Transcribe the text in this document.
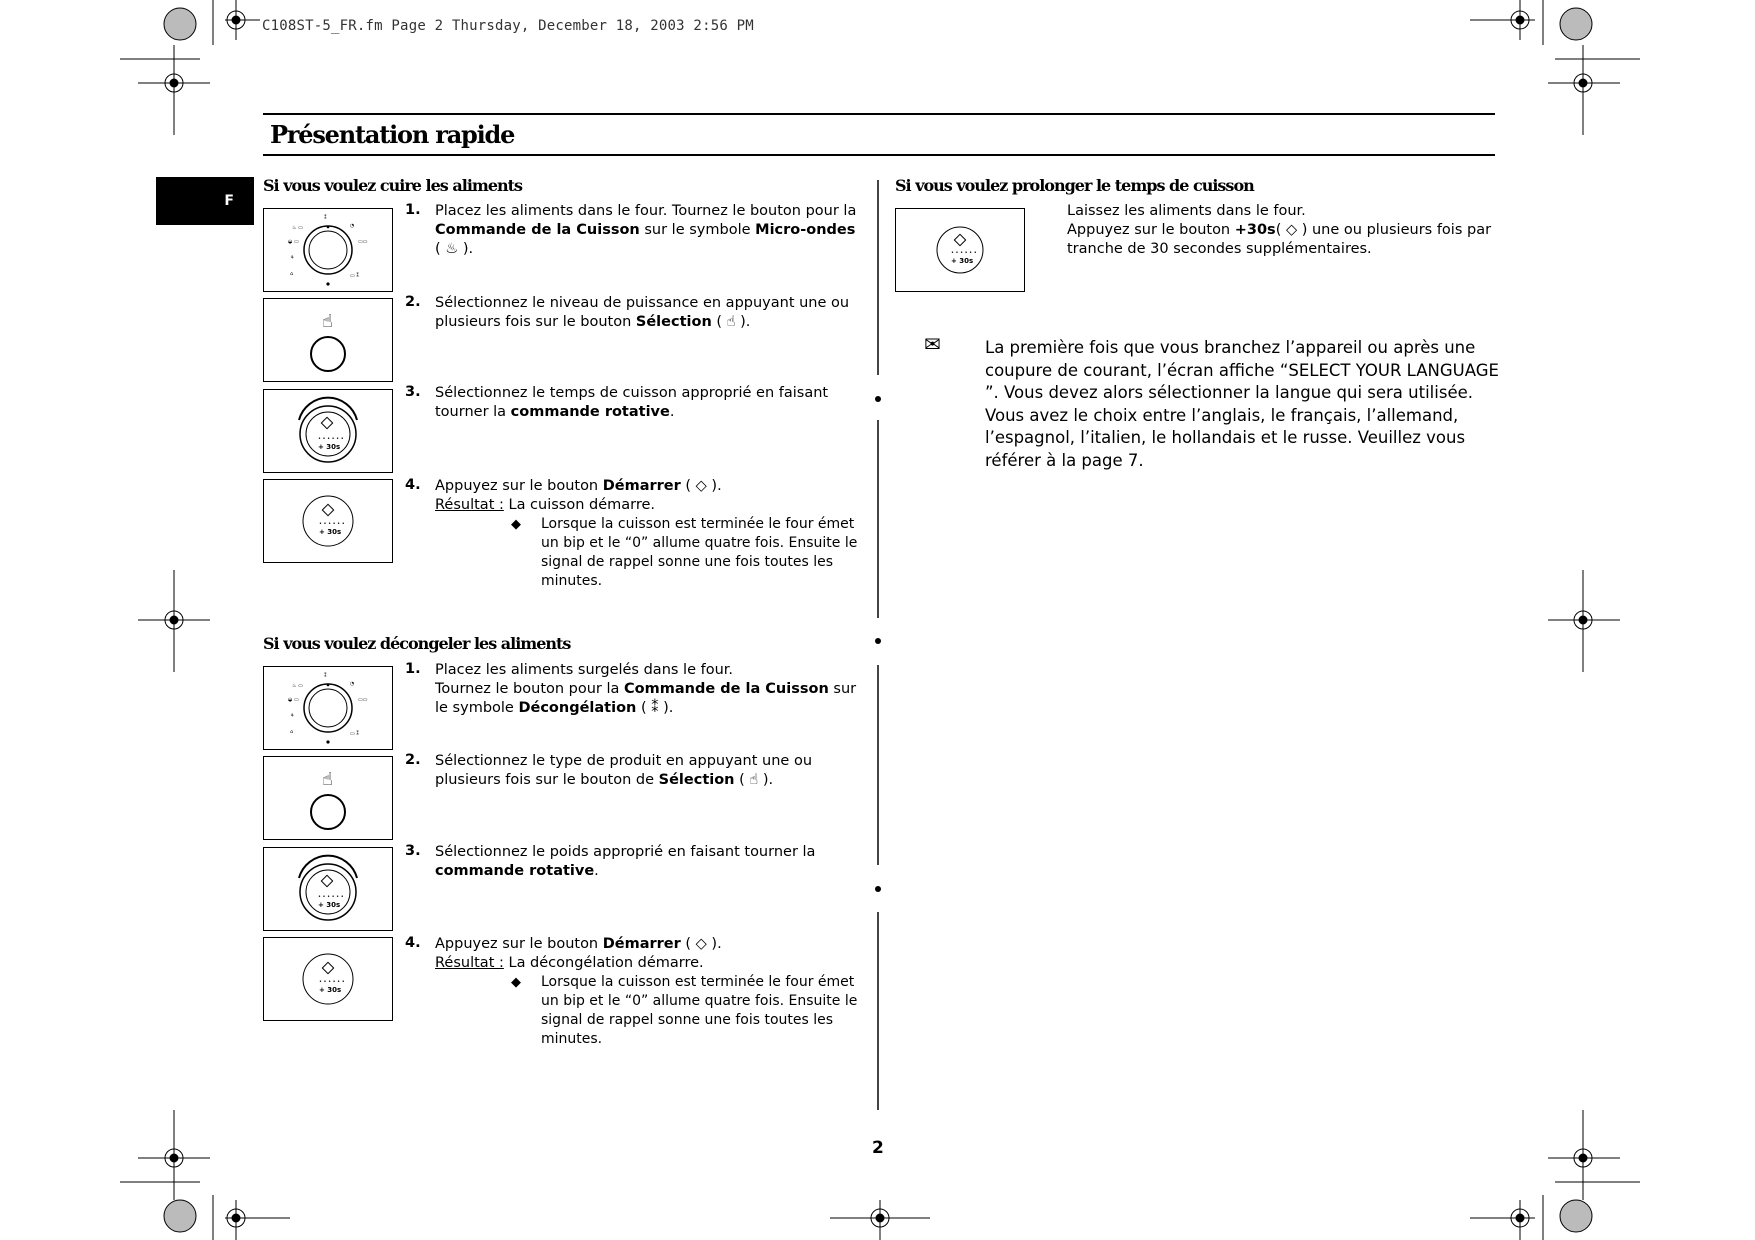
C108ST-5_FR.fm Page 2 Thursday, December 18, 2003 2:56 PM
Présentation rapide
F
Si vous voulez cuire les aliments
⁑
♨ ▭	◔
◒ ▭	▭▭
⚘
⌂	▭ ⁑
1. Placez les aliments dans le four. Tournez le bouton pour la Commande de la Cuisson sur le symbole Micro-ondes ( ♨ ).
☝
2. Sélectionnez le niveau de puissance en appuyant une ou plusieurs fois sur le bouton Sélection ( ☝ ).
• • • • • •
+ 30s
3. Sélectionnez le temps de cuisson approprié en faisant tourner la commande rotative.
• • • • • •
+ 30s
4. Appuyez sur le bouton Démarrer ( ◇ ).
Résultat : La cuisson démarre.
◆ Lorsque la cuisson est terminée le four émet un bip et le “0” allume quatre fois. Ensuite le signal de rappel sonne une fois toutes les minutes.
Si vous voulez décongeler les aliments
⁑
♨ ▭	◔
◒ ▭	▭▭
⚘
⌂	▭ ⁑
1. Placez les aliments surgelés dans le four.
Tournez le bouton pour la Commande de la Cuisson sur le symbole Décongélation ( ⁑ ).
☝
2. Sélectionnez le type de produit en appuyant une ou plusieurs fois sur le bouton de Sélection ( ☝ ).
• • • • • •
+ 30s
3. Sélectionnez le poids approprié en faisant tourner la commande rotative.
• • • • • •
+ 30s
4. Appuyez sur le bouton Démarrer ( ◇ ).
Résultat : La décongélation démarre.
◆ Lorsque la cuisson est terminée le four émet un bip et le “0” allume quatre fois. Ensuite le signal de rappel sonne une fois toutes les minutes.
Si vous voulez prolonger le temps de cuisson
• • • • • •
+ 30s
Laissez les aliments dans le four.
Appuyez sur le bouton +30s( ◇ ) une ou plusieurs fois par tranche de 30 secondes supplémentaires.
✉	La première fois que vous branchez l’appareil ou après une coupure de courant, l’écran affiche “SELECT YOUR LANGUAGE ”. Vous devez alors sélectionner la langue qui sera utilisée. Vous avez le choix entre l’anglais, le français, l’allemand, l’espagnol, l’italien, le hollandais et le russe. Veuillez vous référer à la page 7.
2
